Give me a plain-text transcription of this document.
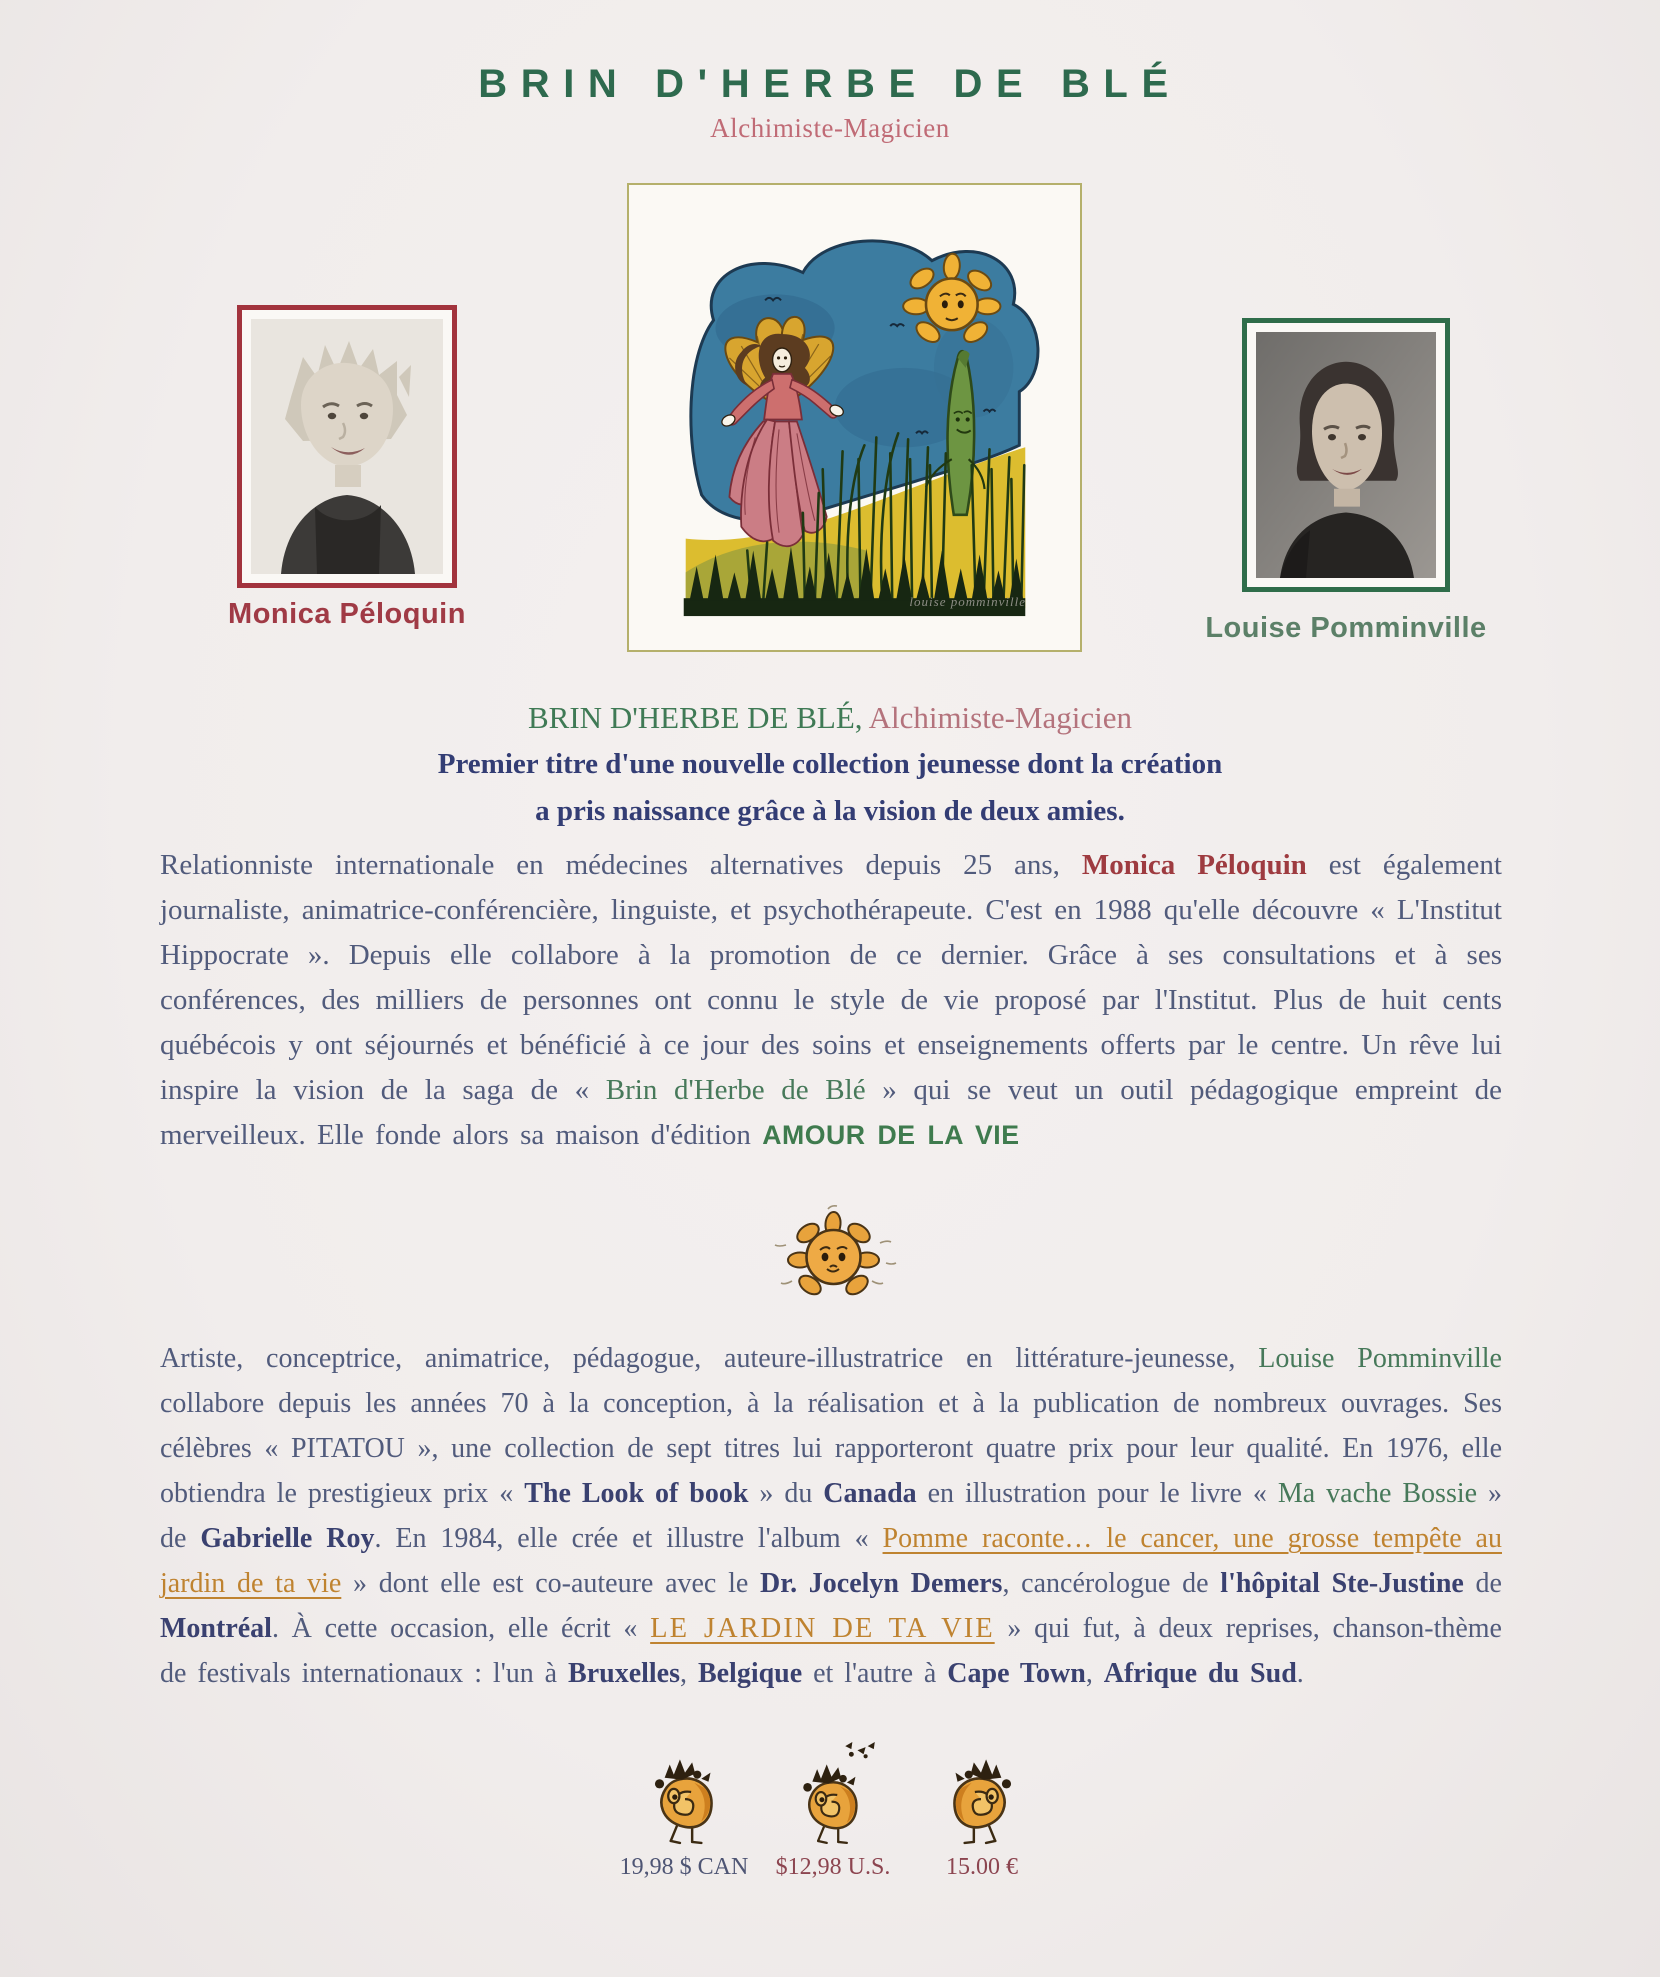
BRIN D'HERBE DE BLÉ
Alchimiste-Magicien
Monica Péloquin	Louise Pomminville
louise pomminville
BRIN D'HERBE DE BLÉ, Alchimiste-Magicien
Premier titre d'une nouvelle collection jeunesse dont la création
a pris naissance grâce à la vision de deux amies.
Relationniste internationale en médecines alternatives depuis 25 ans, Monica Péloquin est également journaliste, animatrice-conférencière, linguiste, et psychothérapeute. C'est en 1988 qu'elle découvre « L'Institut Hippocrate ». Depuis elle collabore à la promotion de ce dernier. Grâce à ses consultations et à ses conférences, des milliers de personnes ont connu le style de vie proposé par l'Institut. Plus de huit cents québécois y ont séjournés et bénéficié à ce jour des soins et enseignements offerts par le centre. Un rêve lui inspire la vision de la saga de « Brin d'Herbe de Blé » qui se veut un outil pédagogique empreint de merveilleux. Elle fonde alors sa maison d'édition AMOUR DE LA VIE
Artiste, conceptrice, animatrice, pédagogue, auteure-illustratrice en littérature-jeunesse, Louise Pomminville collabore depuis les années 70 à la conception, à la réalisation et à la publication de nombreux ouvrages. Ses célèbres « PITATOU », une collection de sept titres lui rapporteront quatre prix pour leur qualité. En 1976, elle obtiendra le prestigieux prix « The Look of book » du Canada en illustration pour le livre « Ma vache Bossie » de Gabrielle Roy. En 1984, elle crée et illustre l'album « Pomme raconte… le cancer, une grosse tempête au jardin de ta vie » dont elle est co-auteure avec le Dr. Jocelyn Demers, cancérologue de l'hôpital Ste-Justine de Montréal. À cette occasion, elle écrit « LE JARDIN DE TA VIE » qui fut, à deux reprises, chanson-thème de festivals internationaux : l'un à Bruxelles, Belgique et l'autre à Cape Town, Afrique du Sud.
19,98 $ CAN $12,98 U.S. 15.00 €
